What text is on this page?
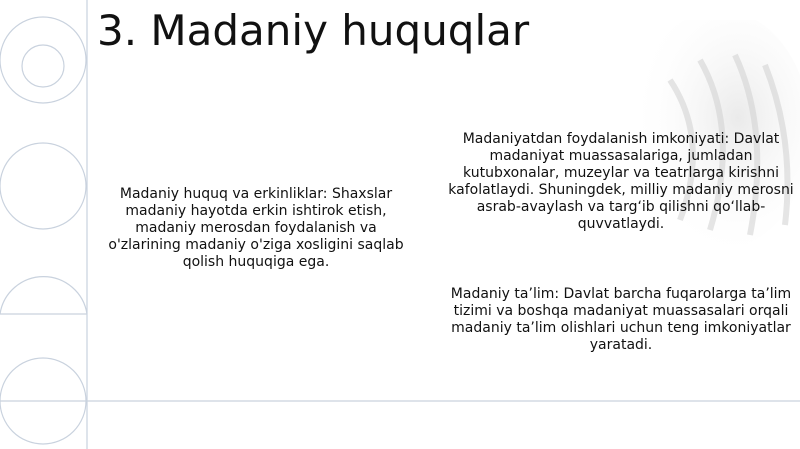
3. Madaniy huquqlar

Madaniy huquq va erkinliklar: Shaxslar madaniy hayotda erkin ishtirok etish, madaniy merosdan foydalanish va o'zlarining madaniy o'ziga xosligini saqlab qolish huquqiga ega.

Madaniyatdan foydalanish imkoniyati: Davlat madaniyat muassasalariga, jumladan kutubxonalar, muzeylar va teatrlarga kirishni kafolatlaydi. Shuningdek, milliy madaniy merosni asrab-avaylash va targ‘ib qilishni qo‘llab-quvvatlaydi.

Madaniy ta’lim: Davlat barcha fuqarolarga ta’lim tizimi va boshqa madaniyat muassasalari orqali madaniy ta’lim olishlari uchun teng imkoniyatlar yaratadi.
